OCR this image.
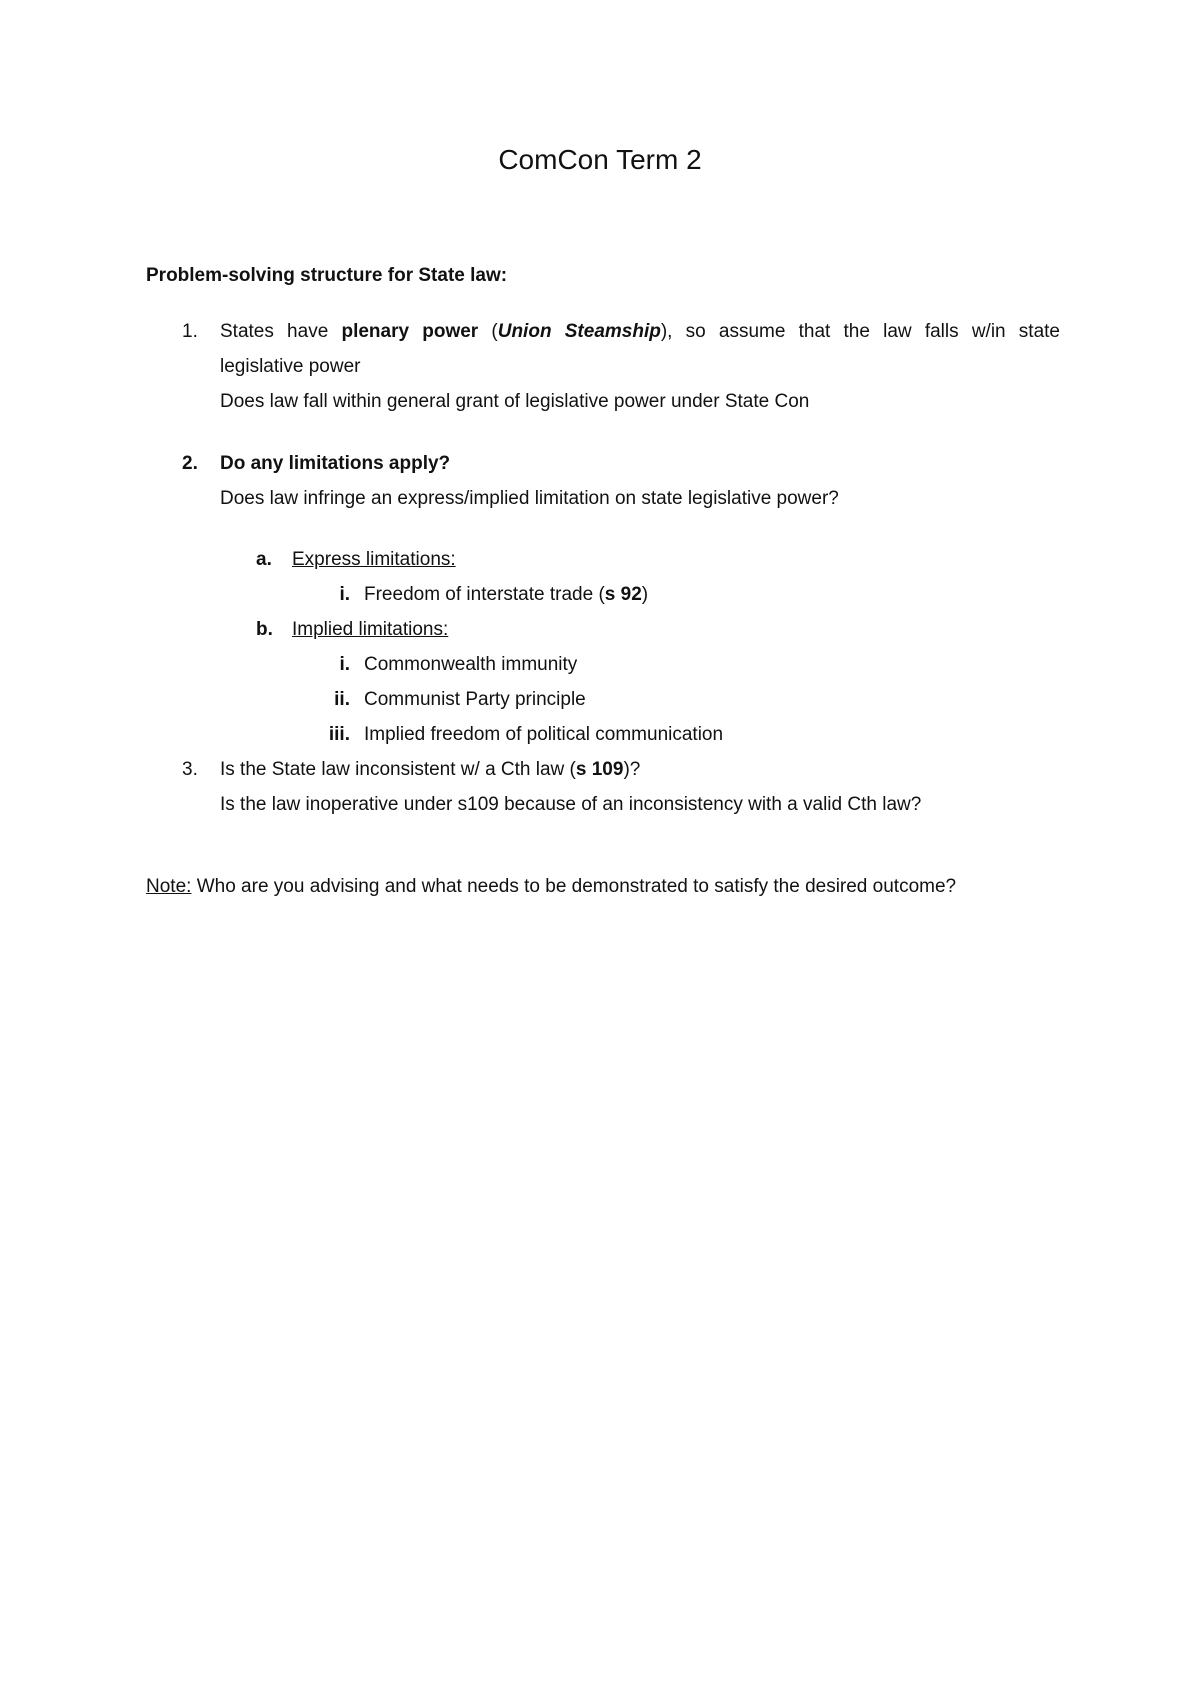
ComCon Term 2
Problem-solving structure for State law:
1.	States have plenary power (Union Steamship), so assume that the law falls w/in state
legislative power
Does law fall within general grant of legislative power under State Con
2.	Do any limitations apply?
Does law infringe an express/implied limitation on state legislative power?
a.	Express limitations:
i. Freedom of interstate trade (s 92)
b.	Implied limitations:
i. Commonwealth immunity
ii. Communist Party principle
iii. Implied freedom of political communication
3.	Is the State law inconsistent w/ a Cth law (s 109)?
Is the law inoperative under s109 because of an inconsistency with a valid Cth law?
Note: Who are you advising and what needs to be demonstrated to satisfy the desired outcome?
